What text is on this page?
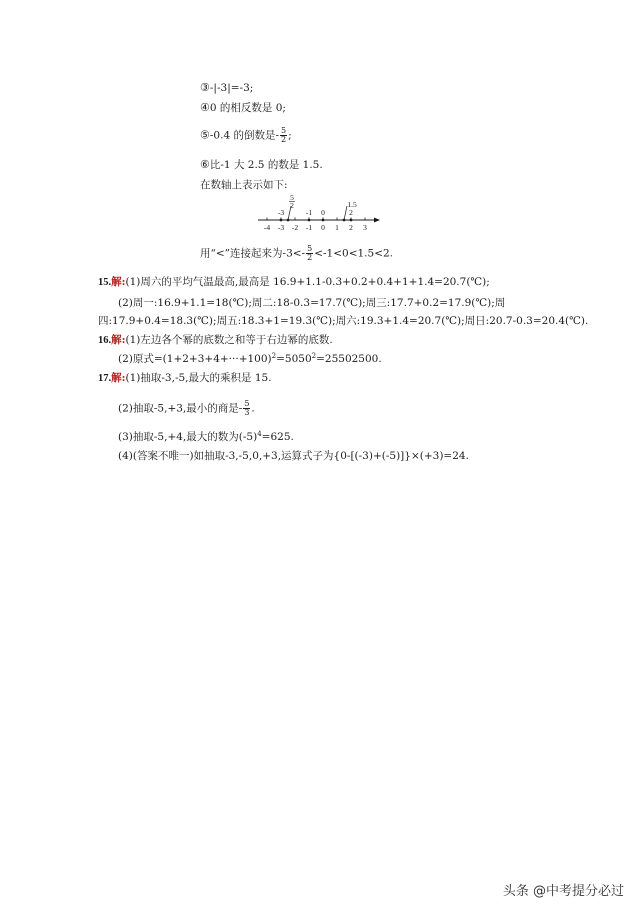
③-|-3|=-3;
④0 的相反数是 0;
⑤-0.4 的倒数是- $\frac{5}{2}$ ;
⑥比-1 大 2.5 的数是 1.5.
在数轴上表示如下:
-4 -3 -2 -1 0 1 2 3
-3
5
2
-1 0
1.5
2
用“<”连接起来为$-3<- \frac{5}{2} <-1<0<1.5<2$.
15.解:(1)周六的平均气温最高,最高是 16.9+1.1-0.3+0.2+0.4+1+1.4=20.7(℃);
(2)周一:16.9+1.1=18(℃);周二:18-0.3=17.7(℃);周三:17.7+0.2=17.9(℃);周
四:17.9+0.4=18.3(℃);周五:18.3+1=19.3(℃);周六:19.3+1.4=20.7(℃);周日:20.7-0.3=20.4(℃).
16.解:(1)左边各个幂的底数之和等于右边幂的底数.
(2)原式$=(1+2+3+4+\cdot\cdot\cdot+100)^2=5050^2=25502500$.
17.解:(1)抽取-3,-5,最大的乘积是 15.
(2)抽取-5,+3,最小的商是- $\frac{5}{3}$ .
(3)抽取-5,+4,最大的数为$(-5)^4=625$.
(4)(答案不唯一)如抽取-3,-5,0,+3,运算式子为{0-[(-3)+(-5)]}×(+3)=24.
头条 @中考提分必过
